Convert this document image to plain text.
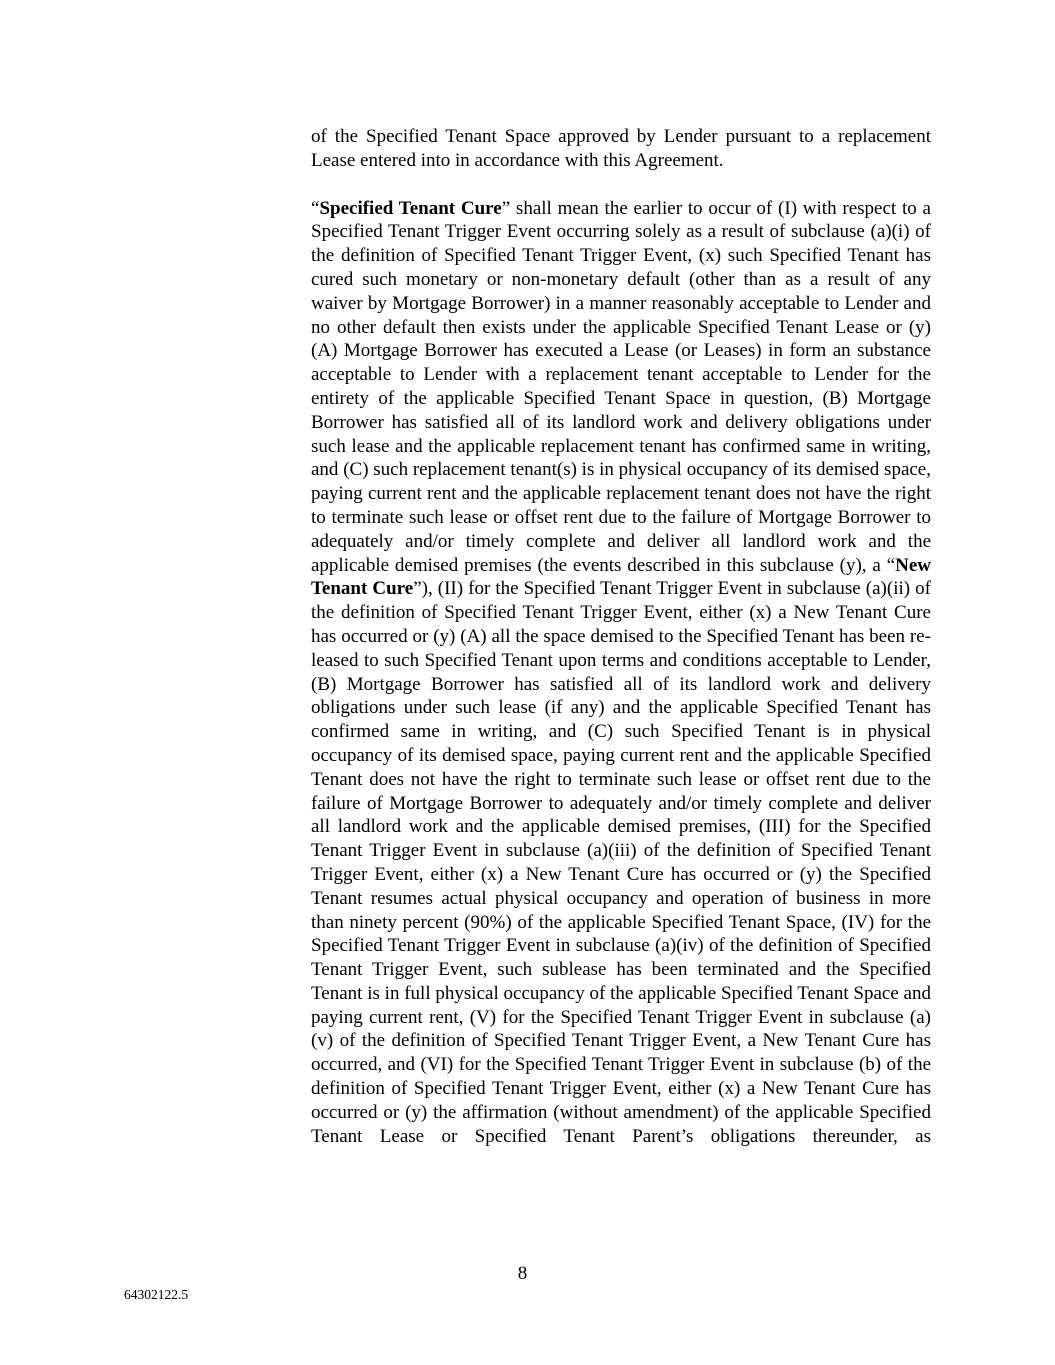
of the Specified Tenant Space approved by Lender pursuant to a replacement Lease entered into in accordance with this Agreement.

“Specified Tenant Cure” shall mean the earlier to occur of (I) with respect to a Specified Tenant Trigger Event occurring solely as a result of subclause (a)(i) of the definition of Specified Tenant Trigger Event, (x) such Specified Tenant has cured such monetary or non-monetary default (other than as a result of any waiver by Mortgage Borrower) in a manner reasonably acceptable to Lender and no other default then exists under the applicable Specified Tenant Lease or (y) (A) Mortgage Borrower has executed a Lease (or Leases) in form an substance acceptable to Lender with a replacement tenant acceptable to Lender for the entirety of the applicable Specified Tenant Space in question, (B) Mortgage Borrower has satisfied all of its landlord work and delivery obligations under such lease and the applicable replacement tenant has confirmed same in writing, and (C) such replacement tenant(s) is in physical occupancy of its demised space, paying current rent and the applicable replacement tenant does not have the right to terminate such lease or offset rent due to the failure of Mortgage Borrower to adequately and/or timely complete and deliver all landlord work and the applicable demised premises (the events described in this subclause (y), a “New Tenant Cure”), (II) for the Specified Tenant Trigger Event in subclause (a)(ii) of the definition of Specified Tenant Trigger Event, either (x) a New Tenant Cure has occurred or (y) (A) all the space demised to the Specified Tenant has been re-leased to such Specified Tenant upon terms and conditions acceptable to Lender, (B) Mortgage Borrower has satisfied all of its landlord work and delivery obligations under such lease (if any) and the applicable Specified Tenant has confirmed same in writing, and (C) such Specified Tenant is in physical occupancy of its demised space, paying current rent and the applicable Specified Tenant does not have the right to terminate such lease or offset rent due to the failure of Mortgage Borrower to adequately and/or timely complete and deliver all landlord work and the applicable demised premises, (III) for the Specified Tenant Trigger Event in subclause (a)(iii) of the definition of Specified Tenant Trigger Event, either (x) a New Tenant Cure has occurred or (y) the Specified Tenant resumes actual physical occupancy and operation of business in more than ninety percent (90%) of the applicable Specified Tenant Space, (IV) for the Specified Tenant Trigger Event in subclause (a)(iv) of the definition of Specified Tenant Trigger Event, such sublease has been terminated and the Specified Tenant is in full physical occupancy of the applicable Specified Tenant Space and paying current rent, (V) for the Specified Tenant Trigger Event in subclause (a)(v) of the definition of Specified Tenant Trigger Event, a New Tenant Cure has occurred, and (VI) for the Specified Tenant Trigger Event in subclause (b) of the definition of Specified Tenant Trigger Event, either (x) a New Tenant Cure has occurred or (y) the affirmation (without amendment) of the applicable Specified Tenant Lease or Specified Tenant Parent’s obligations thereunder, as

8
64302122.5
